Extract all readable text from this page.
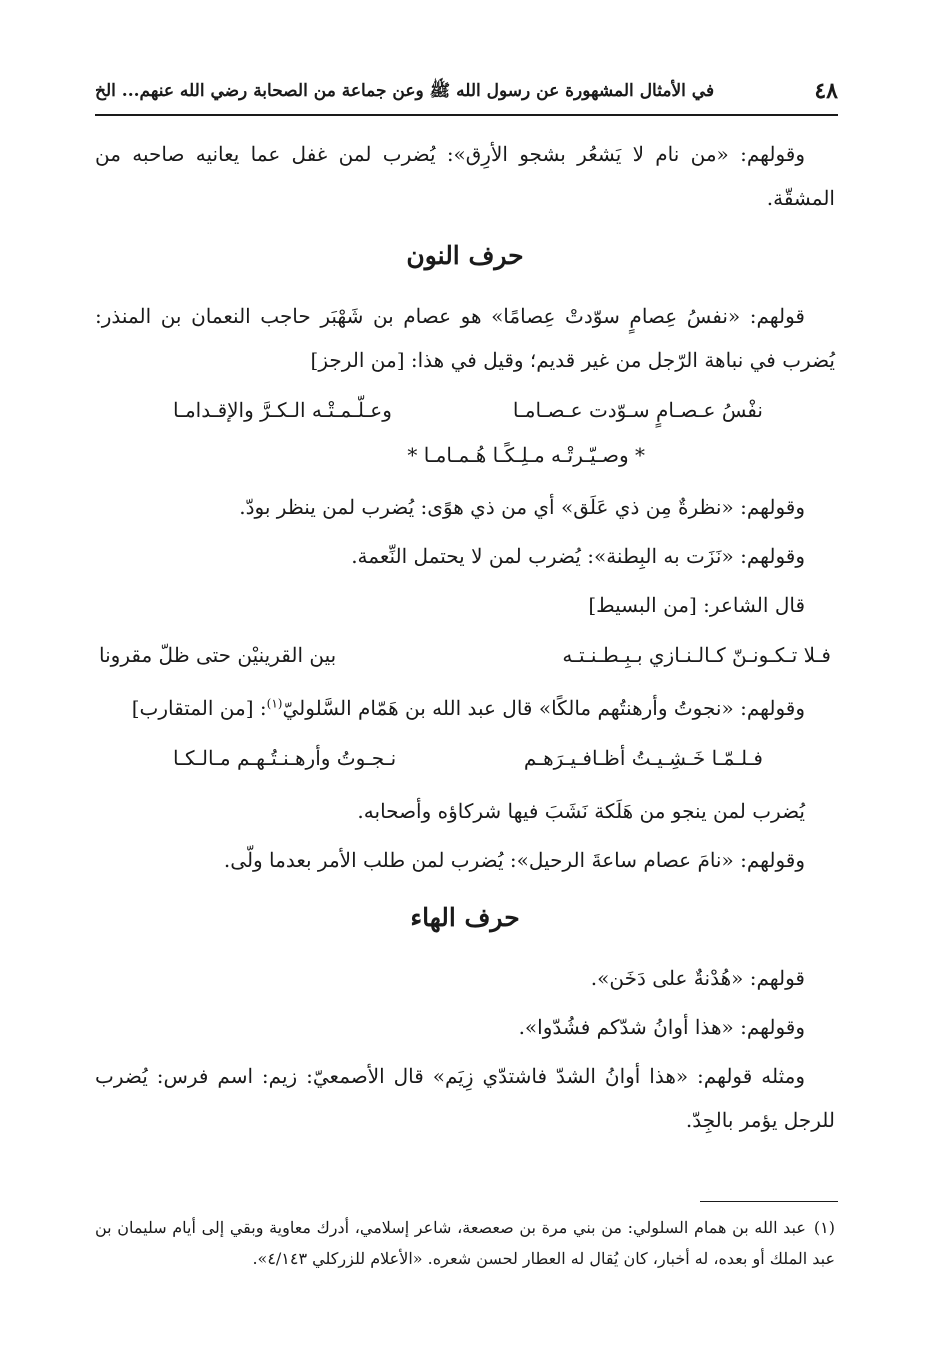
٤٨
في الأمثال المشهورة عن رسول الله ﷺ وعن جماعة من الصحابة رضي الله عنهم... الخ

وقولهم: «من نام لا يَشعُر بشجو الأرِق»: يُضرب لمن غفل عما يعانيه صاحبه من المشقّة.

حرف النون

قولهم: «نفسُ عِصامٍ سوّدتْ عِصامًا» هو عصام بن شَهْبَر حاجب النعمان بن المنذر: يُضرب في نباهة الرّجل من غير قديم؛ وقيل في هذا: [من الرجز]

نفْسُ عـصـامٍ سـوّدت عـصـامـا
وعـلّـمـتْـه الـكـرَّ والإقـدامـا
* وصـيّـرتْـه مـلِـكًـا هُـمـامـا *

وقولهم: «نظرةٌ مِن ذي عَلَق» أي من ذي هوًى: يُضرب لمن ينظر بودّ.

وقولهم: «نَزَت به البِطنة»: يُضرب لمن لا يحتمل النِّعمة.

قال الشاعر: [من البسيط]

فـلا تـكـونـنّ كـالـنـازي بـبِـطـنـتـه
بين القرينيْن حتى ظلّ مقرونا

وقولهم: «نجوتُ وأرهنتُهم مالكًا» قال عبد الله بن هَمّام السَّلوليّ$^{(١)}$: [من المتقارب]

فـلـمّـا خَـشِـيـتُ أظـافـيـرَهـم
نـجـوتُ وأرهـنـتُـهـم مـالـكـا

يُضرب لمن ينجو من هَلَكة نَشَبَ فيها شركاؤه وأصحابه.

وقولهم: «نامَ عصام ساعةَ الرحيل»: يُضرب لمن طلب الأمر بعدما ولّى.

حرف الهاء

قولهم: «هُدْنةٌ على دَخَن».

وقولهم: «هذا أوانُ شدّكم فشُدّوا».

ومثله قولهم: «هذا أوانُ الشدّ فاشتدّي زِيَم» قال الأصمعيّ: زيم: اسم فرس: يُضرب للرجل يؤمر بالجِدّ.

(١)عبد الله بن همام السلولي: من بني مرة بن صعصعة، شاعر إسلامي، أدرك معاوية وبقي إلى أيام سليمان بن عبد الملك أو بعده، له أخبار، كان يُقال له العطار لحسن شعره. «الأعلام للزركلي ٤/١٤٣».
